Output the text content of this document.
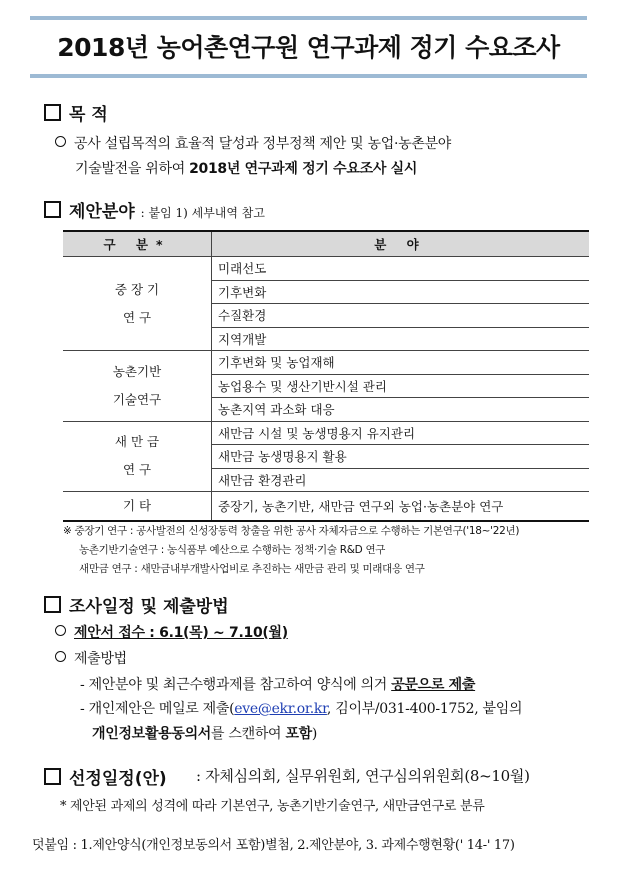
2018년 농어촌연구원 연구과제 정기 수요조사
목 적
공사 설립목적의 효율적 달성과 정부정책 제안 및 농업·농촌분야
기술발전을 위하여 2018년 연구과제 정기 수요조사 실시
제안분야 : 붙임 1) 세부내역 참고
구 분*	분 야
중 장 기
연 구	미래선도
	기후변화
	수질환경
	지역개발
농촌기반
기술연구	기후변화 및 농업재해
	농업용수 및 생산기반시설 관리
	농촌지역 과소화 대응
새 만 금
연 구	새만금 시설 및 농생명용지 유지관리
	새만금 농생명용지 활용
	새만금 환경관리
기 타	중장기, 농촌기반, 새만금 연구외 농업·농촌분야 연구
※ 중장기 연구 : 공사발전의 신성장동력 창출을 위한 공사 자체자금으로 수행하는 기본연구('18~'22년)
농촌기반기술연구 : 농식품부 예산으로 수행하는 정책·기술 R&D 연구
새만금 연구 : 새만금내부개발사업비로 추진하는 새만금 관리 및 미래대응 연구
조사일정 및 제출방법
제안서 접수 : 6.1(목) ~ 7.10(월)
제출방법
- 제안분야 및 최근수행과제를 참고하여 양식에 의거 공문으로 제출
- 개인제안은 메일로 제출(eve@ekr.or.kr, 김이부/031-400-1752, 붙임의
개인정보활용동의서를 스캔하여 포함)
선정일정(안) : 자체심의회, 실무위원회, 연구심의위원회(8~10월)
* 제안된 과제의 성격에 따라 기본연구, 농촌기반기술연구, 새만금연구로 분류
덧붙임 : 1.제안양식(개인정보동의서 포함)별첨, 2.제안분야, 3. 과제수행현황(' 14-' 17)
